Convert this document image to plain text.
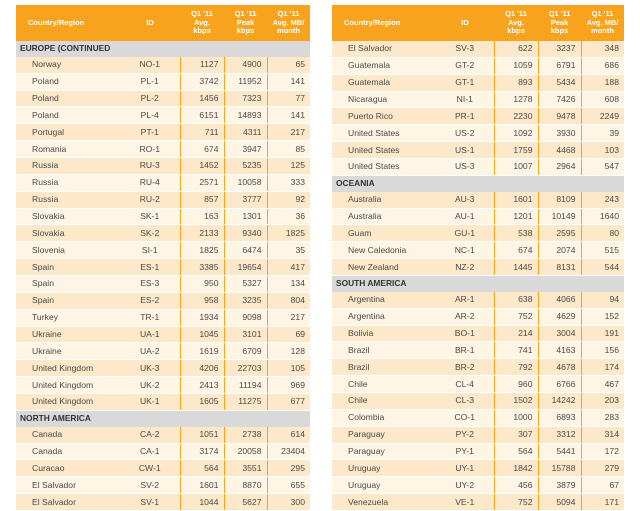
Country/Region	ID	Q1 '11
Avg.
kbps	Q1 '11
Peak
kbps	Q1 '11
Avg. MB/
month
EUROPE (CONTINUED				
Norway	NO-1	1127	4900	65
Poland	PL-1	3742	11952	141
Poland	PL-2	1456	7323	77
Poland	PL-4	6151	14893	141
Portugal	PT-1	711	4311	217
Romania	RO-1	674	3947	85
Russia	RU-3	1452	5235	125
Russia	RU-4	2571	10058	333
Russia	RU-2	857	3777	92
Slovakia	SK-1	163	1301	36
Slovakia	SK-2	2133	9340	1825
Slovenia	SI-1	1825	6474	35
Spain	ES-1	3385	19654	417
Spain	ES-3	950	5327	134
Spain	ES-2	958	3235	804
Turkey	TR-1	1934	9098	217
Ukraine	UA-1	1045	3101	69
Ukraine	UA-2	1619	6709	128
United Kingdom	UK-3	4206	22703	105
United Kingdom	UK-2	2413	11194	969
United Kingdom	UK-1	1605	11275	677
NORTH AMERICA				
Canada	CA-2	1051	2738	614
Canada	CA-1	3174	20058	23404
Curacao	CW-1	564	3551	295
El Salvador	SV-2	1601	8870	655
El Salvador	SV-1	1044	5627	300
Country/Region	ID	Q1 '11
Avg.
kbps	Q1 '11
Peak
kbps	Q1 '11
Avg. MB/
month
El Salvador	SV-3	622	3237	348
Guatemala	GT-2	1059	6791	686
Guatemala	GT-1	893	5434	188
Nicaragua	NI-1	1278	7426	608
Puerto Rico	PR-1	2230	9478	2249
United States	US-2	1092	3930	39
United States	US-1	1759	4468	103
United States	US-3	1007	2964	547
OCEANIA				
Australia	AU-3	1601	8109	243
Australia	AU-1	1201	10149	1640
Guam	GU-1	538	2595	80
New Caledonia	NC-1	674	2074	515
New Zealand	NZ-2	1445	8131	544
SOUTH AMERICA				
Argentina	AR-1	638	4066	94
Argentina	AR-2	752	4629	152
Bolivia	BO-1	214	3004	191
Brazil	BR-1	741	4163	156
Brazil	BR-2	792	4678	174
Chile	CL-4	960	6766	467
Chile	CL-3	1502	14242	203
Colombia	CO-1	1000	6893	283
Paraguay	PY-2	307	3312	314
Paraguay	PY-1	564	5441	172
Uruguay	UY-1	1842	15788	279
Uruguay	UY-2	456	3879	67
Venezuela	VE-1	752	5094	171
